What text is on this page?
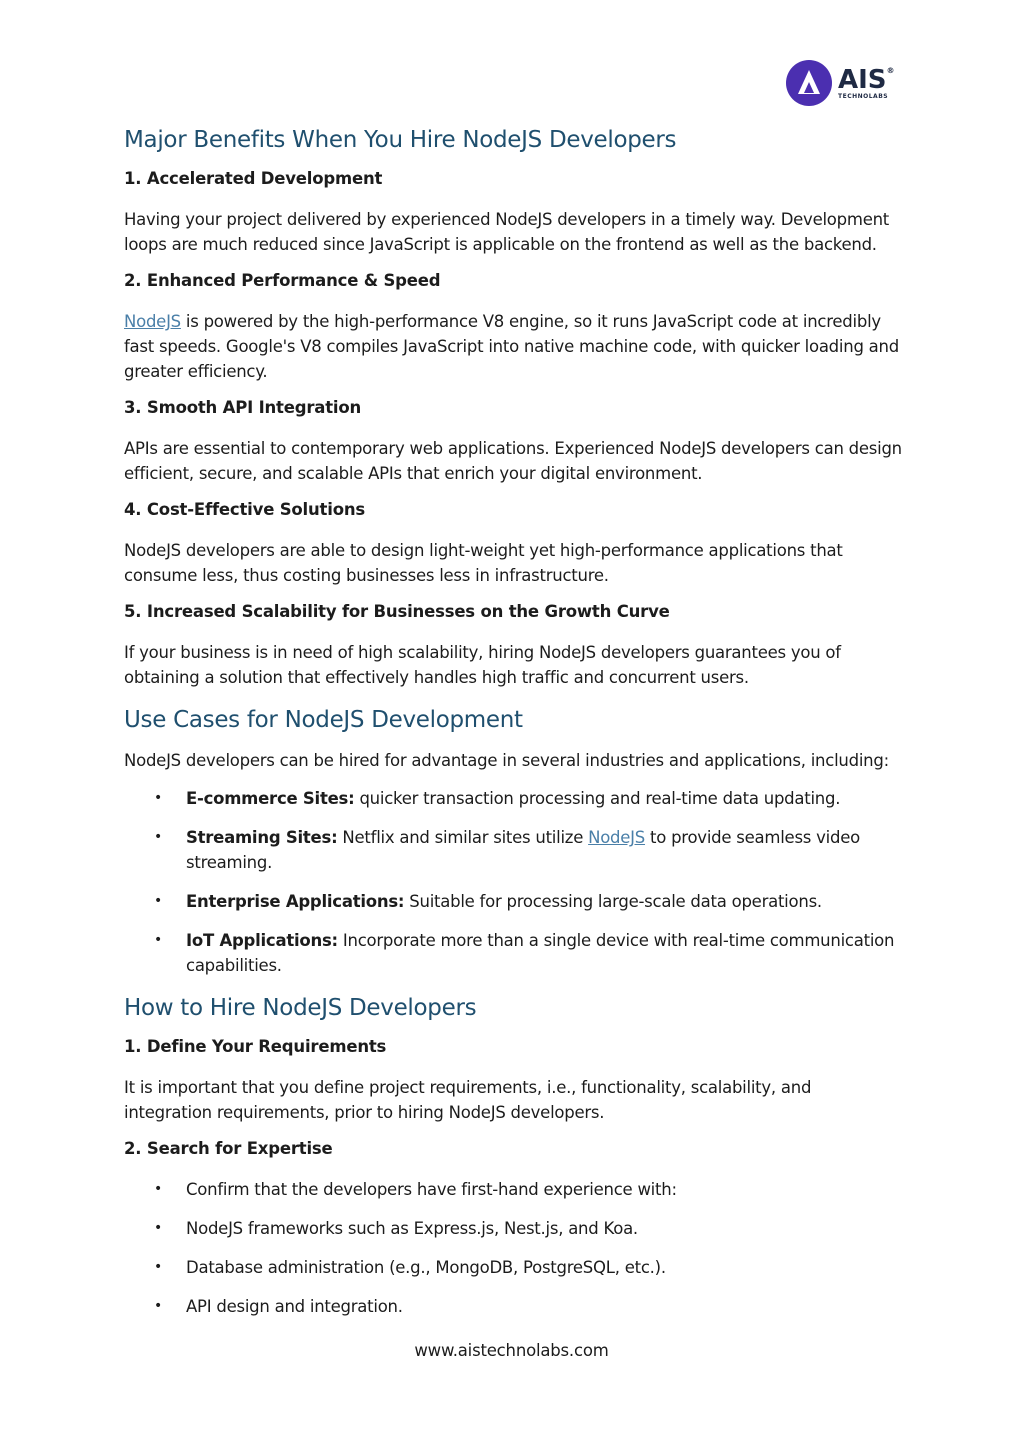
AIS®
TECHNOLABS
Major Benefits When You Hire NodeJS Developers
1. Accelerated Development

Having your project delivered by experienced NodeJS developers in a timely way. Development loops are much reduced since JavaScript is applicable on the frontend as well as the backend.

2. Enhanced Performance & Speed

NodeJS is powered by the high-performance V8 engine, so it runs JavaScript code at incredibly fast speeds. Google's V8 compiles JavaScript into native machine code, with quicker loading and greater efficiency.

3. Smooth API Integration

APIs are essential to contemporary web applications. Experienced NodeJS developers can design efficient, secure, and scalable APIs that enrich your digital environment.

4. Cost-Effective Solutions

NodeJS developers are able to design light-weight yet high-performance applications that consume less, thus costing businesses less in infrastructure.

5. Increased Scalability for Businesses on the Growth Curve

If your business is in need of high scalability, hiring NodeJS developers guarantees you of obtaining a solution that effectively handles high traffic and concurrent users.

Use Cases for NodeJS Development

NodeJS developers can be hired for advantage in several industries and applications, including:

• E-commerce Sites: quicker transaction processing and real-time data updating.
• Streaming Sites: Netflix and similar sites utilize NodeJS to provide seamless video streaming.
• Enterprise Applications: Suitable for processing large-scale data operations.
• IoT Applications: Incorporate more than a single device with real-time communication capabilities.
How to Hire NodeJS Developers
1. Define Your Requirements

It is important that you define project requirements, i.e., functionality, scalability, and integration requirements, prior to hiring NodeJS developers.

2. Search for Expertise
• Confirm that the developers have first-hand experience with:
• NodeJS frameworks such as Express.js, Nest.js, and Koa.
• Database administration (e.g., MongoDB, PostgreSQL, etc.).
• API design and integration.
www.aistechnolabs.com
